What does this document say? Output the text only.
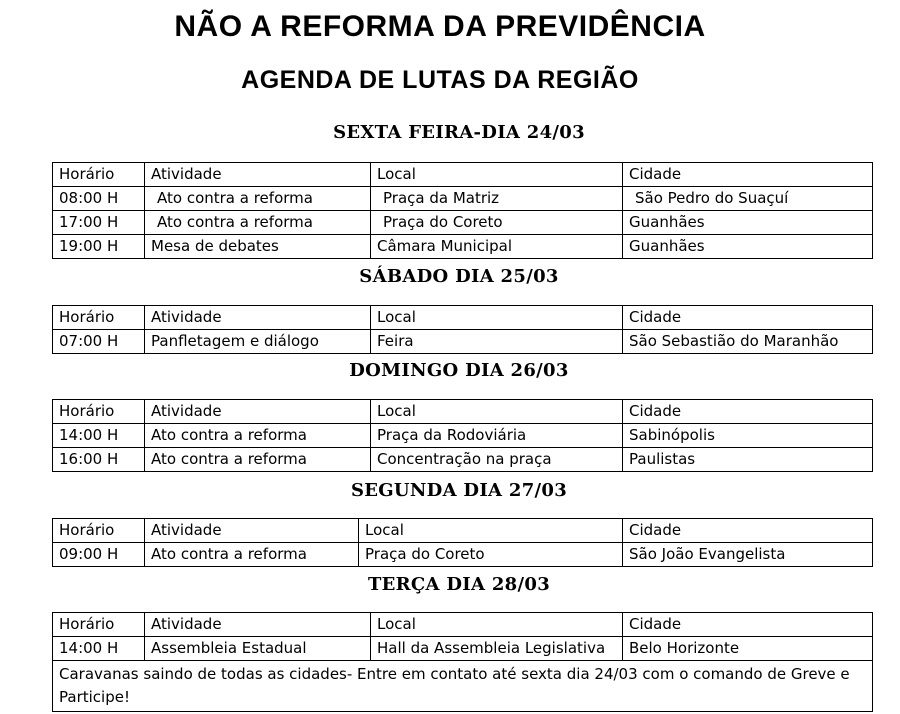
NÃO A REFORMA DA PREVIDÊNCIA
AGENDA DE LUTAS DA REGIÃO
SEXTA FEIRA-DIA 24/03
Horário	Atividade	Local	Cidade
08:00 H	Ato contra a reforma	Praça da Matriz	São Pedro do Suaçuí
17:00 H	Ato contra a reforma	Praça do Coreto	Guanhães
19:00 H	Mesa de debates	Câmara Municipal	Guanhães
SÁBADO DIA 25/03
Horário	Atividade	Local	Cidade
07:00 H	Panfletagem e diálogo	Feira	São Sebastião do Maranhão
DOMINGO DIA 26/03
Horário	Atividade	Local	Cidade
14:00 H	Ato contra a reforma	Praça da Rodoviária	Sabinópolis
16:00 H	Ato contra a reforma	Concentração na praça	Paulistas
SEGUNDA DIA 27/03
Horário	Atividade	Local	Cidade
09:00 H	Ato contra a reforma	Praça do Coreto	São João Evangelista
TERÇA DIA 28/03
Horário	Atividade	Local	Cidade
14:00 H	Assembleia Estadual	Hall da Assembleia Legislativa	Belo Horizonte
Caravanas saindo de todas as cidades- Entre em contato até sexta dia 24/03 com o comando de Greve e Participe!			
